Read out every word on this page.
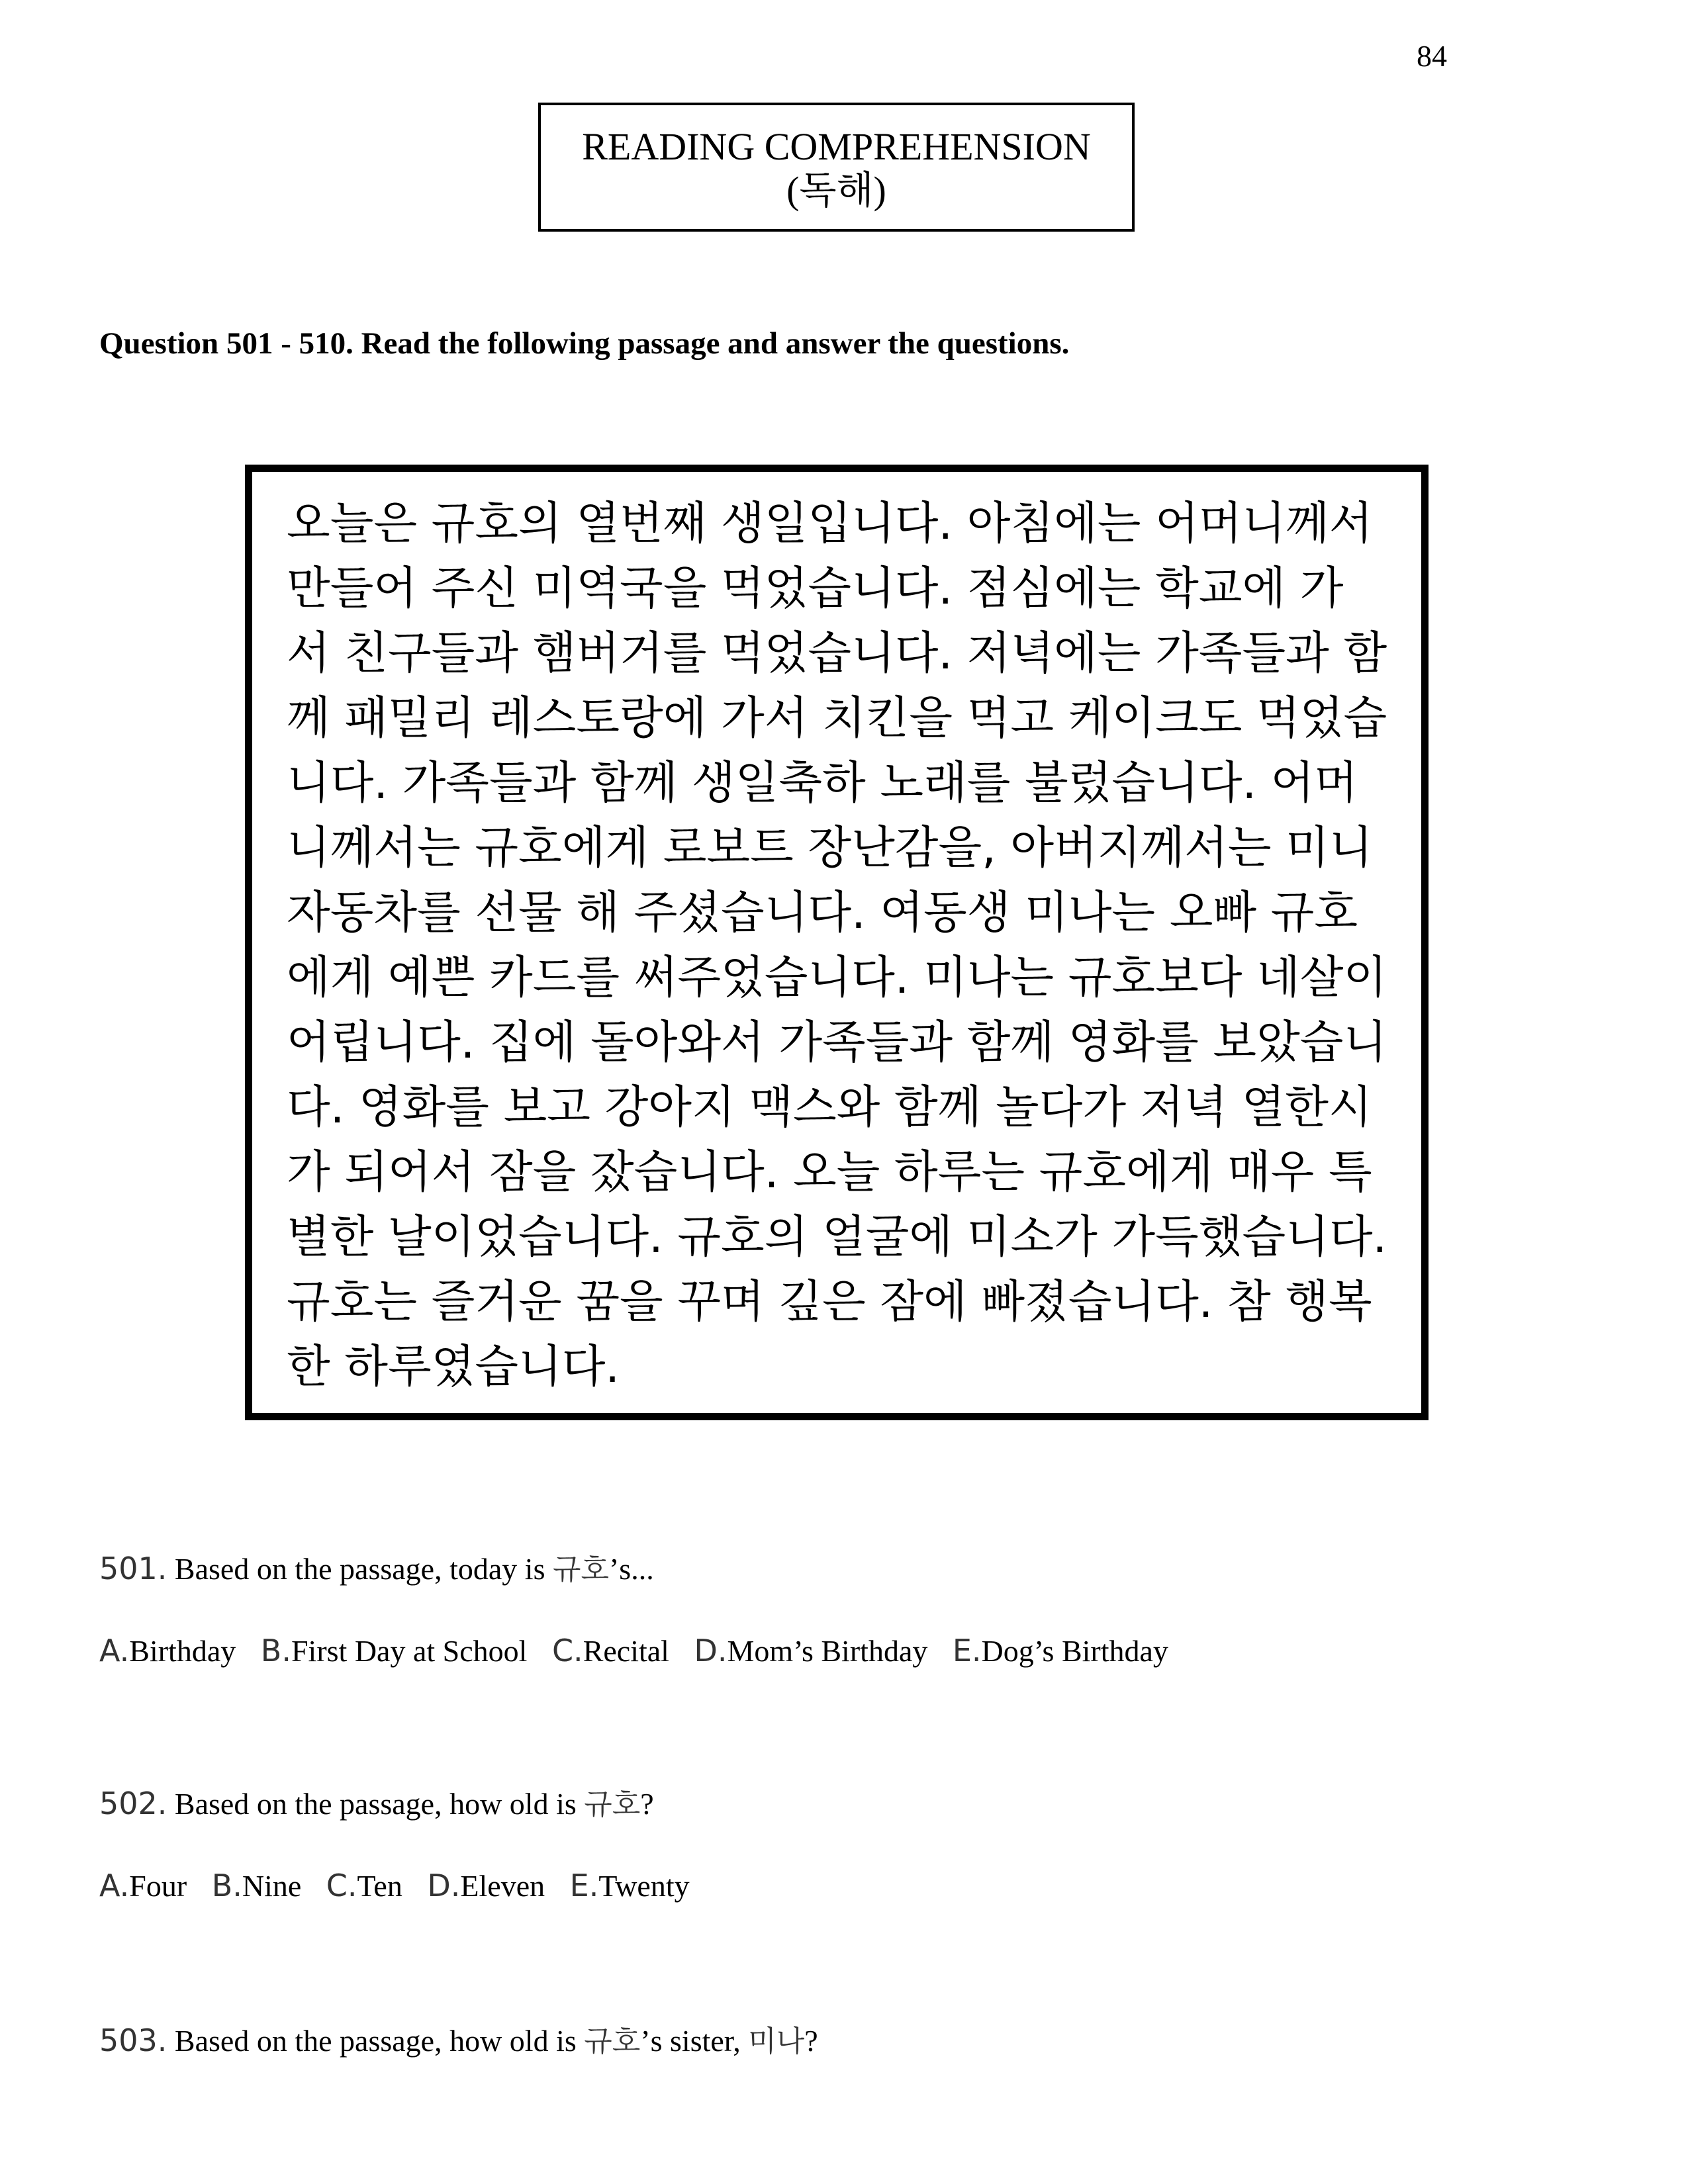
84
READING COMPREHENSION
(독해)
Question 501 - 510. Read the following passage and answer the questions.
오늘은 규호의 열번째 생일입니다. 아침에는 어머니께서
만들어 주신 미역국을 먹었습니다. 점심에는 학교에 가
서 친구들과 햄버거를 먹었습니다. 저녁에는 가족들과 함
께 패밀리 레스토랑에 가서 치킨을 먹고 케이크도 먹었습
니다. 가족들과 함께 생일축하 노래를 불렀습니다. 어머
니께서는 규호에게 로보트 장난감을, 아버지께서는 미니
자동차를 선물 해 주셨습니다. 여동생 미나는 오빠 규호
에게 예쁜 카드를 써주었습니다. 미나는 규호보다 네살이
어립니다. 집에 돌아와서 가족들과 함께 영화를 보았습니
다. 영화를 보고 강아지 맥스와 함께 놀다가 저녁 열한시
가 되어서 잠을 잤습니다. 오늘 하루는 규호에게 매우 특
별한 날이었습니다. 규호의 얼굴에 미소가 가득했습니다.
규호는 즐거운 꿈을 꾸며 깊은 잠에 빠졌습니다. 참 행복
한 하루였습니다.
501. Based on the passage, today is 규호’s...
A.Birthday B.First Day at School C.Recital D.Mom’s Birthday E.Dog’s Birthday
502. Based on the passage, how old is 규호?
A.Four B.Nine C.Ten D.Eleven E.Twenty
503. Based on the passage, how old is 규호’s sister, 미나?
